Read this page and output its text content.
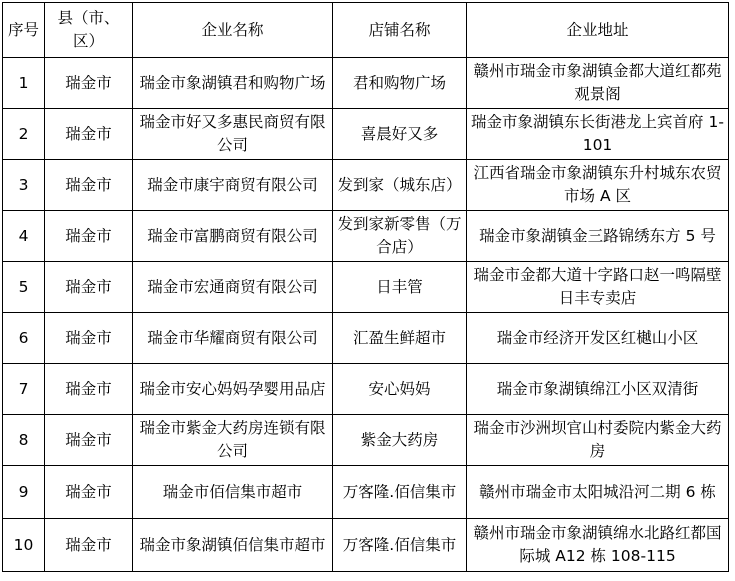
序号	县（市、区）	企业名称	店铺名称	企业地址
1	瑞金市	瑞金市象湖镇君和购物广场	君和购物广场	赣州市瑞金市象湖镇金都大道红都苑观景阁
2	瑞金市	瑞金市好又多惠民商贸有限公司	喜晨好又多	瑞金市象湖镇东长街港龙上宾首府 1-101
3	瑞金市	瑞金市康宇商贸有限公司	发到家（城东店）	江西省瑞金市象湖镇东升村城东农贸市场 A 区
4	瑞金市	瑞金市富鹏商贸有限公司	发到家新零售（万合店）	瑞金市象湖镇金三路锦绣东方 5 号
5	瑞金市	瑞金市宏通商贸有限公司	日丰管	瑞金市金都大道十字路口赵一鸣隔壁日丰专卖店
6	瑞金市	瑞金市华耀商贸有限公司	汇盈生鲜超市	瑞金市经济开发区红樾山小区
7	瑞金市	瑞金市安心妈妈孕婴用品店	安心妈妈	瑞金市象湖镇绵江小区双清街
8	瑞金市	瑞金市紫金大药房连锁有限公司	紫金大药房	瑞金市沙洲坝官山村委院内紫金大药房
9	瑞金市	瑞金市佰信集市超市	万客隆.佰信集市	赣州市瑞金市太阳城沿河二期 6 栋
10	瑞金市	瑞金市象湖镇佰信集市超市	万客隆.佰信集市	赣州市瑞金市象湖镇绵水北路红都国际城 A12 栋 108-115
